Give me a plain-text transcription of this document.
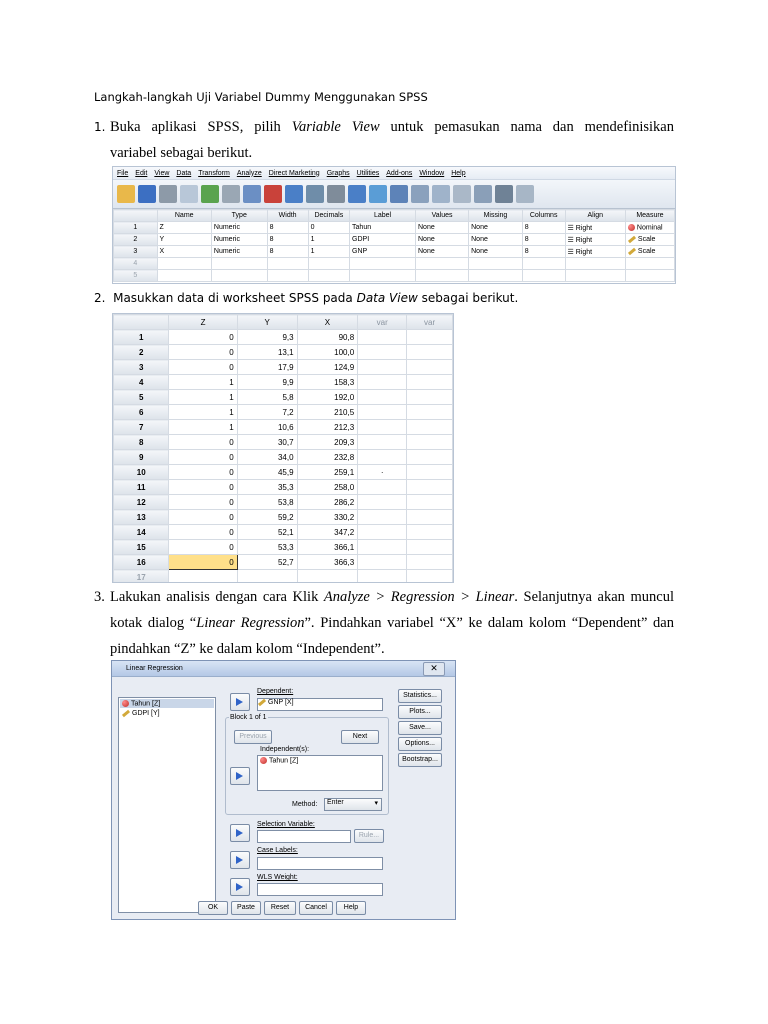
Langkah-langkah Uji Variabel Dummy Menggunakan SPSS
1. Buka aplikasi SPSS, pilih Variable View untuk pemasukan nama dan mendefinisikan
variabel sebagai berikut.
File Edit View Data Transform Analyze Direct Marketing Graphs Utilities Add-ons Window Help
	Name	Type	Width	Decimals	Label	Values	Missing	Columns	Align	Measure
1	Z	Numeric	8	0	Tahun	None	None	8	☰ Right	Nominal
2	Y	Numeric	8	1	GDPI	None	None	8	☰ Right	Scale
3	X	Numeric	8	1	GNP	None	None	8	☰ Right	Scale
4										
5										
2. Masukkan data di worksheet SPSS pada Data View sebagai berikut.
	Z	Y	X	var	var
1	0	9,3	90,8		
2	0	13,1	100,0		
3	0	17,9	124,9		
4	1	9,9	158,3		
5	1	5,8	192,0		
6	1	7,2	210,5		
7	1	10,6	212,3		
8	0	30,7	209,3		
9	0	34,0	232,8		
10	0	45,9	259,1	·	
11	0	35,3	258,0		
12	0	53,8	286,2		
13	0	59,2	330,2		
14	0	52,1	347,2		
15	0	53,3	366,1		
16	0	52,7	366,3		
17					
3. Lakukan analisis dengan cara Klik Analyze > Regression > Linear. Selanjutnya akan muncul
kotak dialog “Linear Regression”. Pindahkan variabel “X” ke dalam kolom “Dependent” dan
pindahkan “Z” ke dalam kolom “Independent”.
Linear Regression	✕
Tahun [Z]
GDPI [Y]
Dependent:
GNP [X]
Block 1 of 1
Previous	Next
Independent(s):
Tahun [Z]
Method:	Enter	▾
Selection Variable:
Rule...
Case Labels:
WLS Weight:
Statistics...
Plots...
Save...
Options...
Bootstrap...
OK	Paste	Reset	Cancel	Help
